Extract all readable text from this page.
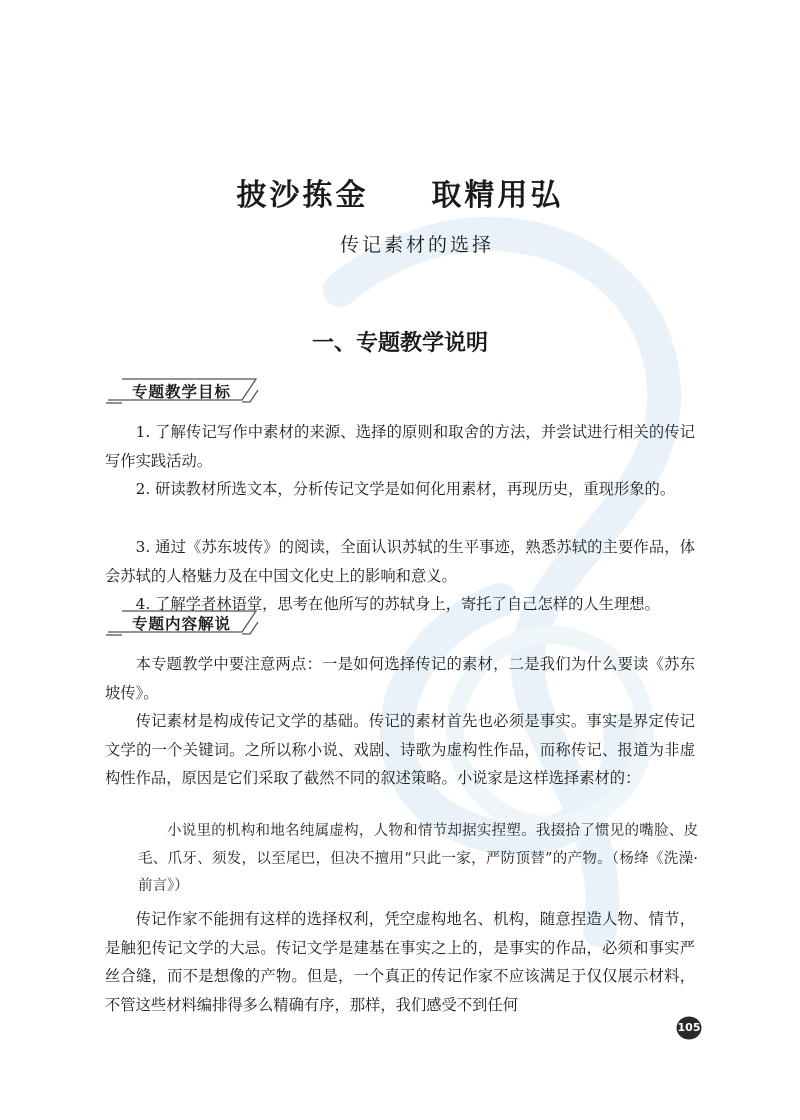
披沙拣金  取精用弘
传记素材的选择
一、专题教学说明
专题教学目标
1. 了解传记写作中素材的来源、选择的原则和取舍的方法，并尝试进行相关的传记写作实践活动。
2. 研读教材所选文本，分析传记文学是如何化用素材，再现历史，重现形象的。
3. 通过《苏东坡传》的阅读，全面认识苏轼的生平事迹，熟悉苏轼的主要作品，体会苏轼的人格魅力及在中国文化史上的影响和意义。
4. 了解学者林语堂，思考在他所写的苏轼身上，寄托了自己怎样的人生理想。
专题内容解说
本专题教学中要注意两点：一是如何选择传记的素材，二是我们为什么要读《苏东坡传》。
传记素材是构成传记文学的基础。传记的素材首先也必须是事实。事实是界定传记文学的一个关键词。之所以称小说、戏剧、诗歌为虚构性作品，而称传记、报道为非虚构性作品，原因是它们采取了截然不同的叙述策略。小说家是这样选择素材的：
小说里的机构和地名纯属虚构，人物和情节却据实捏塑。我掇拾了惯见的嘴脸、皮毛、爪牙、须发，以至尾巴，但决不擅用“只此一家，严防顶替”的产物。（杨绛《洗澡·前言》）
传记作家不能拥有这样的选择权利，凭空虚构地名、机构，随意捏造人物、情节，是触犯传记文学的大忌。传记文学是建基在事实之上的，是事实的作品，必须和事实严丝合缝，而不是想像的产物。但是，一个真正的传记作家不应该满足于仅仅展示材料，不管这些材料编排得多么精确有序，那样，我们感受不到任何
105
